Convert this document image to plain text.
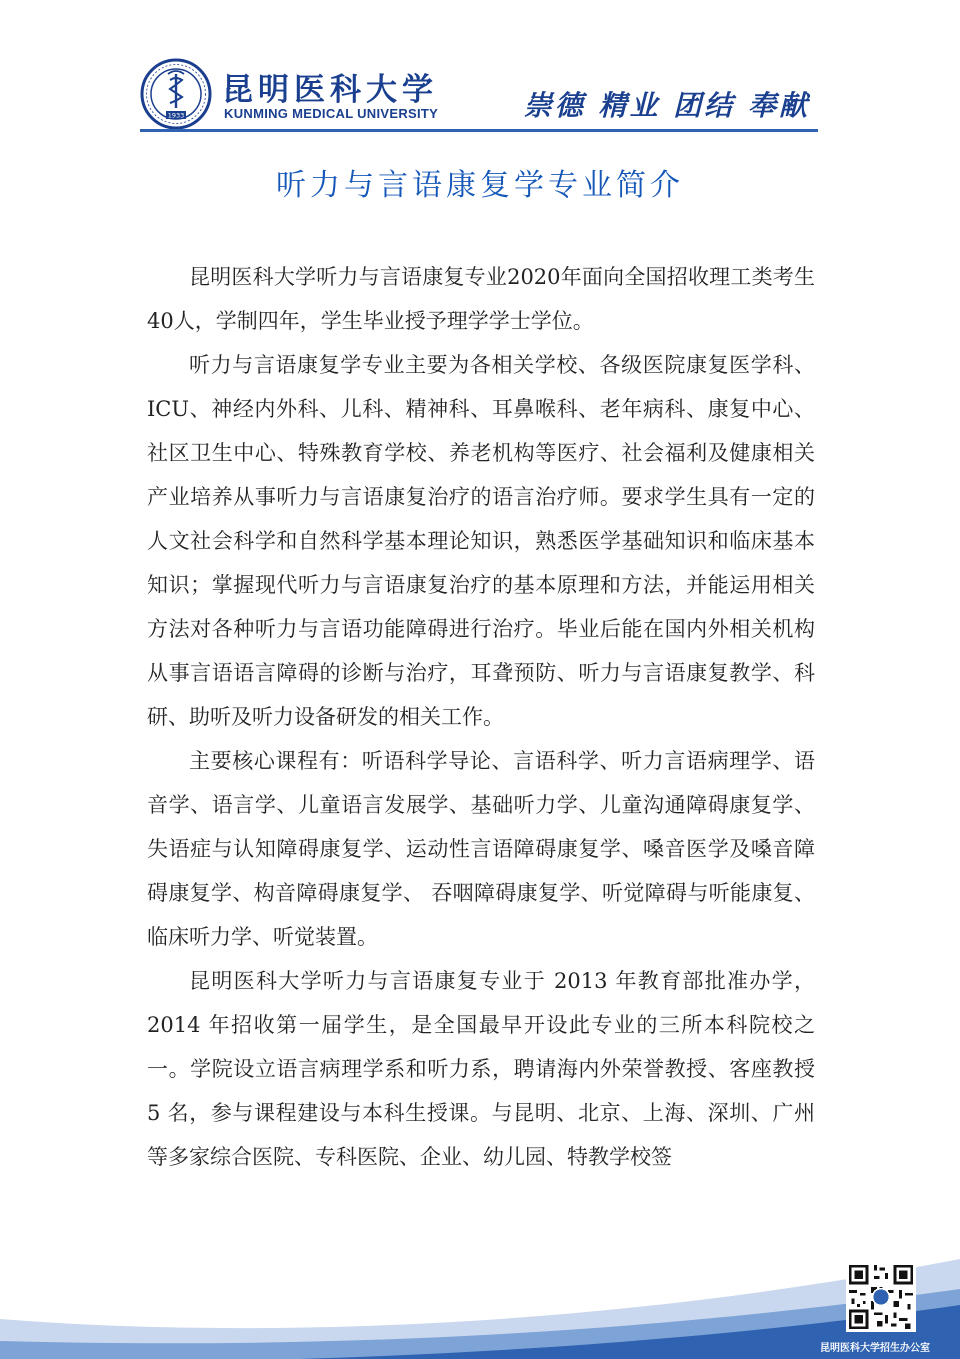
1933
昆明医科大学
KUNMING MEDICAL UNIVERSITY	崇德 精业 团结 奉献
听力与言语康复学专业简介

昆明医科大学听力与言语康复专业2020年面向全国招收理工类考生40人，学制四年，学生毕业授予理学学士学位。

听力与言语康复学专业主要为各相关学校、各级医院康复医学科、ICU、神经内外科、儿科、精神科、耳鼻喉科、老年病科、康复中心、社区卫生中心、特殊教育学校、养老机构等医疗、社会福利及健康相关产业培养从事听力与言语康复治疗的语言治疗师。要求学生具有一定的人文社会科学和自然科学基本理论知识，熟悉医学基础知识和临床基本知识；掌握现代听力与言语康复治疗的基本原理和方法，并能运用相关方法对各种听力与言语功能障碍进行治疗。毕业后能在国内外相关机构从事言语语言障碍的诊断与治疗，耳聋预防、听力与言语康复教学、科研、助听及听力设备研发的相关工作。

主要核心课程有：听语科学导论、言语科学、听力言语病理学、语音学、语言学、儿童语言发展学、基础听力学、儿童沟通障碍康复学、失语症与认知障碍康复学、运动性言语障碍康复学、嗓音医学及嗓音障碍康复学、构音障碍康复学、 吞咽障碍康复学、听觉障碍与听能康复、临床听力学、听觉装置。

昆明医科大学听力与言语康复专业于 2013 年教育部批准办学，2014 年招收第一届学生，是全国最早开设此专业的三所本科院校之一。学院设立语言病理学系和听力系，聘请海内外荣誉教授、客座教授 5 名，参与课程建设与本科生授课。与昆明、北京、上海、深圳、广州等多家综合医院、专科医院、企业、幼儿园、特教学校签

昆明医科大学招生办公室
